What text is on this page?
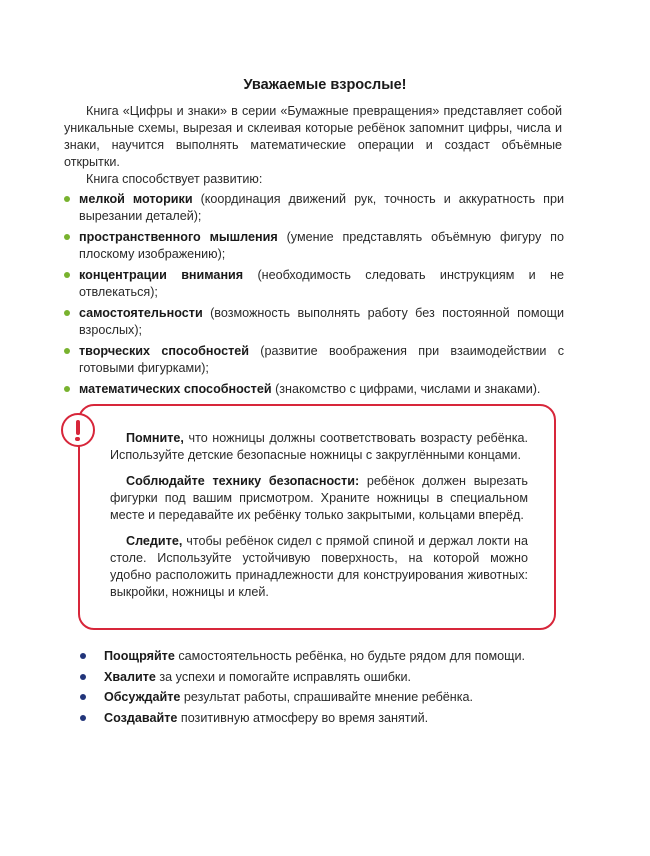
Уважаемые взрослые!

Книга «Цифры и знаки» в серии «Бумажные превращения» представляет собой уникальные схемы, вырезая и склеивая которые ребёнок запомнит цифры, числа и знаки, научится выполнять математические операции и создаст объёмные открытки.

Книга способствует развитию:

мелкой моторики (координация движений рук, точность и аккуратность при вырезании деталей);
пространственного мышления (умение представлять объёмную фигуру по плоскому изображению);
концентрации внимания (необходимость следовать инструкциям и не отвлекаться);
самостоятельности (возможность выполнять работу без постоянной помощи взрослых);
творческих способностей (развитие воображения при взаимодействии с готовыми фигурками);
математических способностей (знакомство с цифрами, числами и знаками).

Помните, что ножницы должны соответствовать возрасту ребёнка. Используйте детские безопасные ножницы с закруглёнными концами.

Соблюдайте технику безопасности: ребёнок должен вырезать фигурки под вашим присмотром. Храните ножницы в специальном месте и передавайте их ребёнку только закрытыми, кольцами вперёд.

Следите, чтобы ребёнок сидел с прямой спиной и держал локти на столе. Используйте устойчивую поверхность, на которой можно удобно расположить принадлежности для конструирования животных: выкройки, ножницы и клей.

Поощряйте самостоятельность ребёнка, но будьте рядом для помощи.
Хвалите за успехи и помогайте исправлять ошибки.
Обсуждайте результат работы, спрашивайте мнение ребёнка.
Создавайте позитивную атмосферу во время занятий.
